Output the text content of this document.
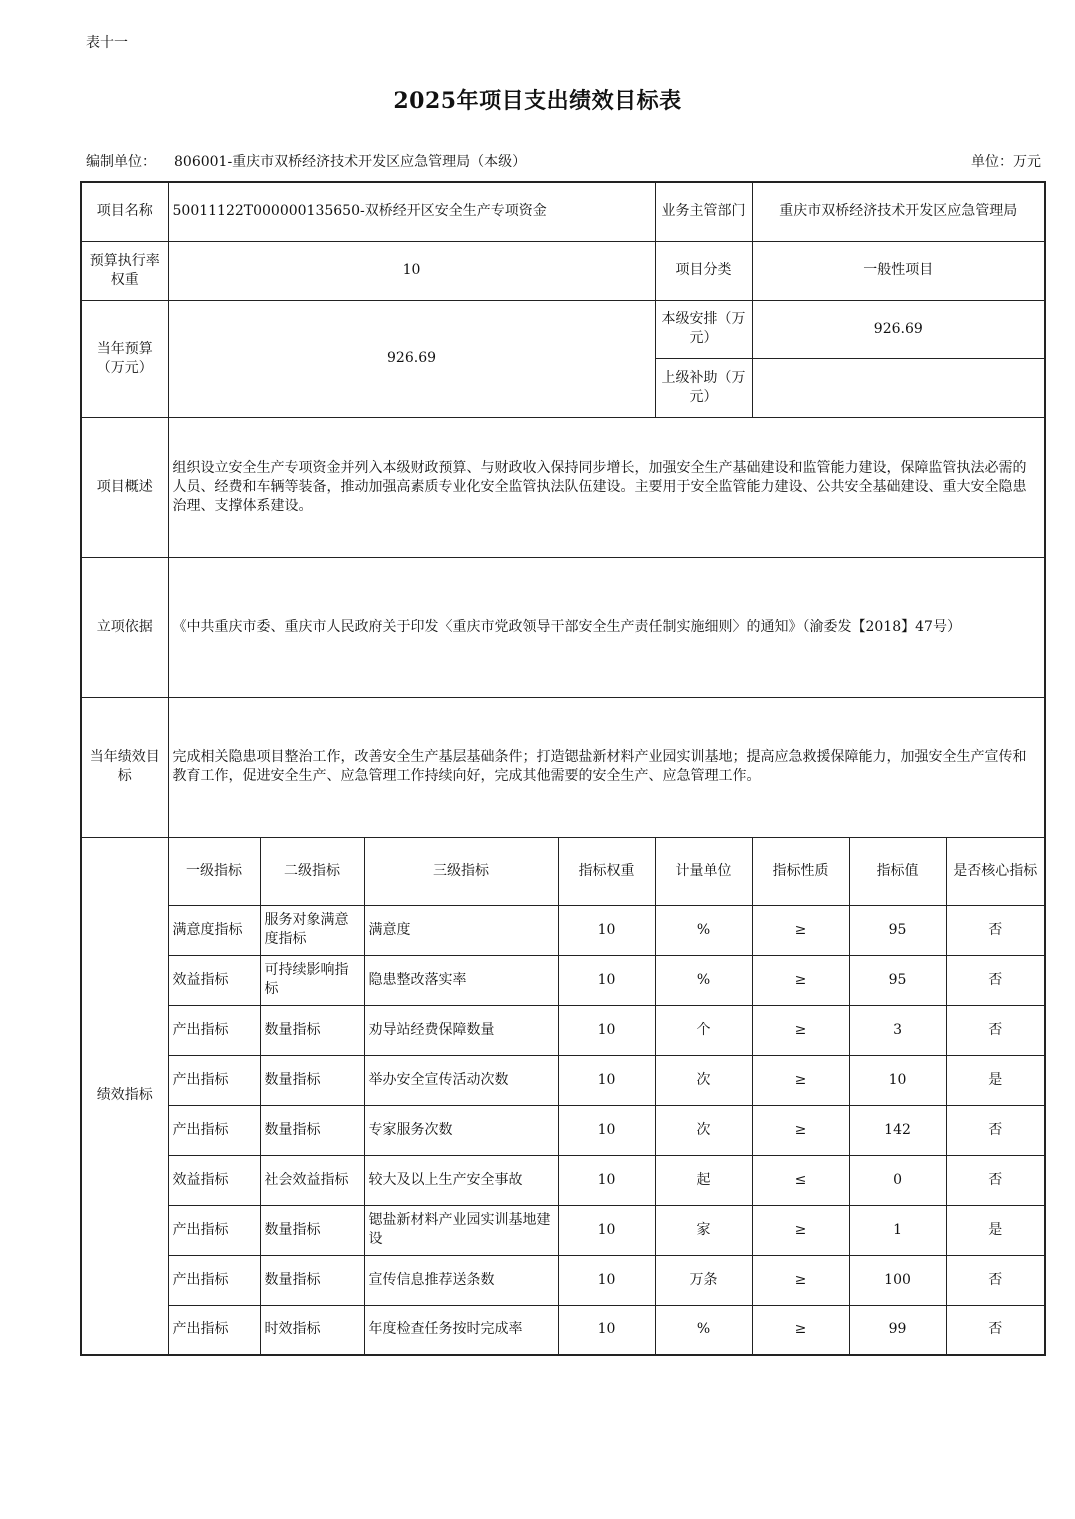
表十一
2025年项目支出绩效目标表
编制单位： 806001-重庆市双桥经济技术开发区应急管理局（本级）	单位：万元
项目名称	50011122T000000135650-双桥经开区安全生产专项资金				业务主管部门	重庆市双桥经济技术开发区应急管理局		
预算执行率权重	10				项目分类	一般性项目		
当年预算（万元）	926.69				本级安排（万元）	926.69		
					上级补助（万元）			
项目概述	组织设立安全生产专项资金并列入本级财政预算、与财政收入保持同步增长，加强安全生产基础建设和监管能力建设，保障监管执法必需的人员、经费和车辆等装备，推动加强高素质专业化安全监管执法队伍建设。主要用于安全监管能力建设、公共安全基础建设、重大安全隐患治理、支撑体系建设。							
立项依据	《中共重庆市委、重庆市人民政府关于印发〈重庆市党政领导干部安全生产责任制实施细则〉的通知》（渝委发【2018】47号）							
当年绩效目标	完成相关隐患项目整治工作，改善安全生产基层基础条件；打造锶盐新材料产业园实训基地；提高应急救援保障能力，加强安全生产宣传和教育工作，促进安全生产、应急管理工作持续向好，完成其他需要的安全生产、应急管理工作。							
绩效指标	一级指标	二级指标	三级指标	指标权重	计量单位	指标性质	指标值	是否核心指标
	满意度指标	服务对象满意度指标	满意度	10	%	≥	95	否
	效益指标	可持续影响指标	隐患整改落实率	10	%	≥	95	否
	产出指标	数量指标	劝导站经费保障数量	10	个	≥	3	否
	产出指标	数量指标	举办安全宣传活动次数	10	次	≥	10	是
	产出指标	数量指标	专家服务次数	10	次	≥	142	否
	效益指标	社会效益指标	较大及以上生产安全事故	10	起	≤	0	否
	产出指标	数量指标	锶盐新材料产业园实训基地建设	10	家	≥	1	是
	产出指标	数量指标	宣传信息推荐送条数	10	万条	≥	100	否
	产出指标	时效指标	年度检查任务按时完成率	10	%	≥	99	否
